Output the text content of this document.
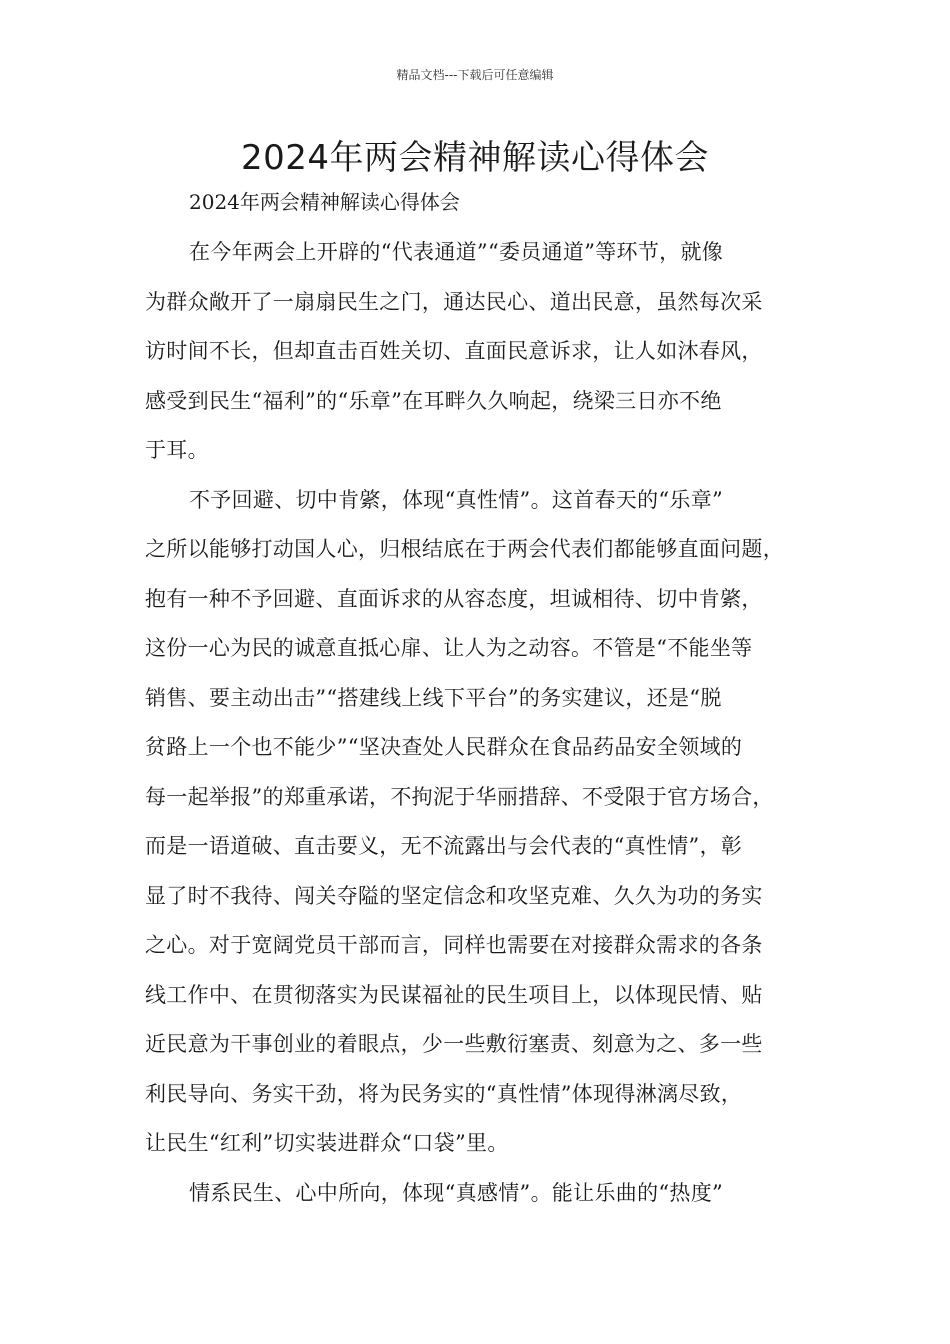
精品文档---下载后可任意编辑
2024年两会精神解读心得体会
2024年两会精神解读心得体会
在今年两会上开辟的“代表通道”“委员通道”等环节，就像
为群众敞开了一扇扇民生之门，通达民心、道出民意，虽然每次采
访时间不长，但却直击百姓关切、直面民意诉求，让人如沐春风，
感受到民生“福利”的“乐章”在耳畔久久响起，绕梁三日亦不绝
于耳。
不予回避、切中肯綮，体现“真性情”。这首春天的“乐章”
之所以能够打动国人心，归根结底在于两会代表们都能够直面问题，
抱有一种不予回避、直面诉求的从容态度，坦诚相待、切中肯綮，
这份一心为民的诚意直抵心扉、让人为之动容。不管是“不能坐等
销售、要主动出击”“搭建线上线下平台”的务实建议，还是“脱
贫路上一个也不能少”“坚决查处人民群众在食品药品安全领域的
每一起举报”的郑重承诺，不拘泥于华丽措辞、不受限于官方场合，
而是一语道破、直击要义，无不流露出与会代表的“真性情”，彰
显了时不我待、闯关夺隘的坚定信念和攻坚克难、久久为功的务实
之心。对于宽阔党员干部而言，同样也需要在对接群众需求的各条
线工作中、在贯彻落实为民谋福祉的民生项目上，以体现民情、贴
近民意为干事创业的着眼点，少一些敷衍塞责、刻意为之、多一些
利民导向、务实干劲，将为民务实的“真性情”体现得淋漓尽致，
让民生“红利”切实装进群众“口袋”里。
情系民生、心中所向，体现“真感情”。能让乐曲的“热度”
